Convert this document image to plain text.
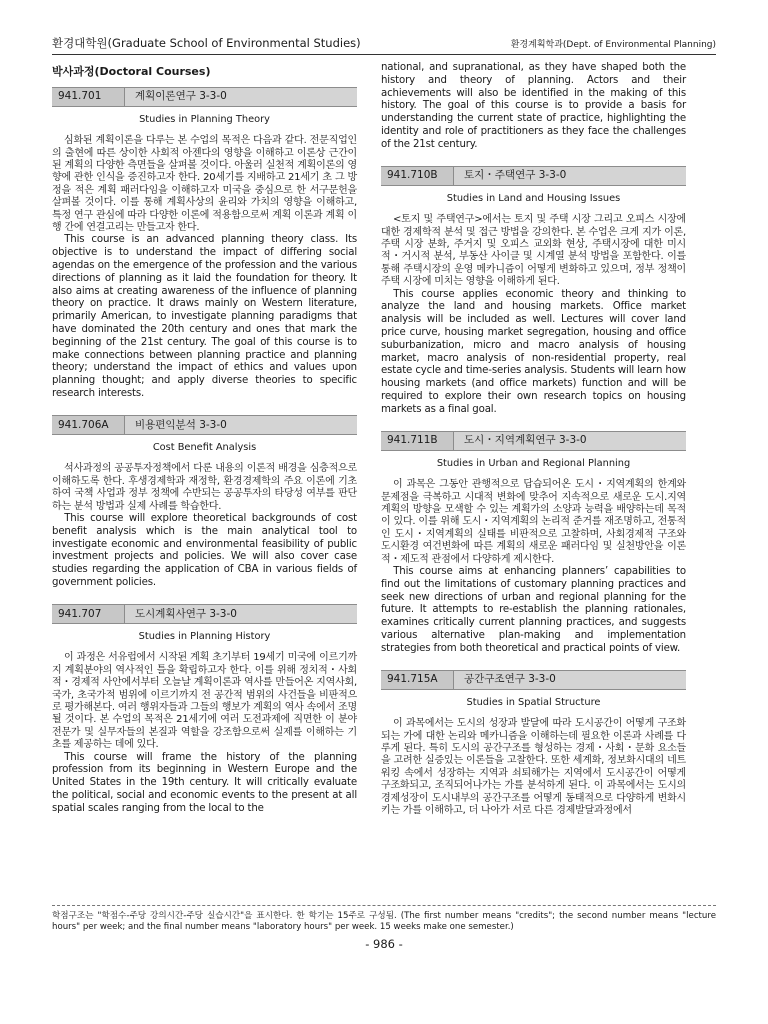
환경대학원(Graduate School of Environmental Studies)	환경계획학과(Dept. of Environmental Planning)
박사과정(Doctoral Courses)
941.701	계획이론연구 3-3-0
Studies in Planning Theory

심화된 계획이론을 다루는 본 수업의 목적은 다음과 같다. 전문직업인의 출현에 따른 상이한 사회적 아젠다의 영향을 이해하고 이론상 근간이 된 계획의 다양한 측면들을 살펴볼 것이다. 아울러 실천적 계획이론의 영향에 관한 인식을 증진하고자 한다. 20세기를 지배하고 21세기 초 그 방정을 적은 계획 패러다임을 이해하고자 미국을 중심으로 한 서구문헌을 살펴볼 것이다. 이를 통해 계획사상의 윤리와 가치의 영향을 이해하고, 특정 연구 관심에 따라 다양한 이론에 적용함으로써 계획 이론과 계획 이행 간에 연결고리는 만들고자 한다.

This course is an advanced planning theory class. Its objective is to understand the impact of differing social agendas on the emergence of the profession and the various directions of planning as it laid the foundation for theory. It also aims at creating awareness of the influence of planning theory on practice. It draws mainly on Western literature, primarily American, to investigate planning paradigms that have dominated the 20th century and ones that mark the beginning of the 21st century. The goal of this course is to make connections between planning practice and planning theory; understand the impact of ethics and values upon planning thought; and apply diverse theories to specific research interests.

941.706A	비용편익분석 3-3-0
Cost Benefit Analysis

석사과정의 공공투자정책에서 다룬 내용의 이론적 배경을 심층적으로 이해하도록 한다. 후생경제학과 재정학, 환경경제학의 주요 이론에 기초하여 국책 사업과 정부 정책에 수반되는 공공투자의 타당성 여부를 판단하는 분석 방법과 실제 사례를 학습한다.

This course will explore theoretical backgrounds of cost benefit analysis which is the main analytical tool to investigate economic and environmental feasibility of public investment projects and policies. We will also cover case studies regarding the application of CBA in various fields of government policies.

941.707	도시계획사연구 3-3-0
Studies in Planning History

이 과정은 서유럽에서 시작된 계획 초기부터 19세기 미국에 이르기까지 계획분야의 역사적인 틀을 확립하고자 한다. 이를 위해 정치적・사회적・경제적 사안에서부터 오늘날 계획이론과 역사를 만들어온 지역사회, 국가, 초국가적 범위에 이르기까지 전 공간적 범위의 사건들을 비판적으로 평가해본다. 여러 행위자들과 그들의 행보가 계획의 역사 속에서 조명될 것이다. 본 수업의 목적은 21세기에 여러 도전과제에 직면한 이 분야 전문가 및 실무자들의 본질과 역할을 강조함으로써 실제를 이해하는 기초를 제공하는 데에 있다.

This course will frame the history of the planning profession from its beginning in Western Europe and the United States in the 19th century. It will critically evaluate the political, social and economic events to the present at all spatial scales ranging from the local to the

national, and supranational, as they have shaped both the history and theory of planning. Actors and their achievements will also be identified in the making of this history. The goal of this course is to provide a basis for understanding the current state of practice, highlighting the identity and role of practitioners as they face the challenges of the 21st century.

941.710B	토지・주택연구 3-3-0
Studies in Land and Housing Issues

<토지 및 주택연구>에서는 토지 및 주택 시장 그리고 오피스 시장에 대한 경제학적 분석 및 접근 방법을 강의한다. 본 수업은 크게 지가 이론, 주택 시장 분화, 주거지 및 오피스 교외화 현상, 주택시장에 대한 미시적・거시적 분석, 부동산 사이클 및 시계열 분석 방법을 포함한다. 이를 통해 주택시장의 운영 메카니즘이 어떻게 변화하고 있으며, 정부 정책이 주택 시장에 미치는 영향을 이해하게 된다.

This course applies economic theory and thinking to analyze the land and housing markets. Office market analysis will be included as well. Lectures will cover land price curve, housing market segregation, housing and office suburbanization, micro and macro analysis of housing market, macro analysis of non-residential property, real estate cycle and time-series analysis. Students will learn how housing markets (and office markets) function and will be required to explore their own research topics on housing markets as a final goal.

941.711B	도시・지역계획연구 3-3-0
Studies in Urban and Regional Planning

이 과목은 그동안 관행적으로 답습되어온 도시・지역계획의 한계와 문제점을 극복하고 시대적 변화에 맞추어 지속적으로 새로운 도시.지역계획의 방향을 모색할 수 있는 계획가의 소양과 능력을 배양하는데 목적이 있다. 이를 위해 도시・지역계획의 논리적 준거를 재조명하고, 전통적인 도시・지역계획의 실태를 비판적으로 고찰하며, 사회경제적 구조와 도시환경 여건변화에 따른 계획의 새로운 패러다임 및 실천방안을 이론적・제도적 관점에서 다양하게 제시한다.

This course aims at enhancing planners’ capabilities to find out the limitations of customary planning practices and seek new directions of urban and regional planning for the future. It attempts to re-establish the planning rationales, examines critically current planning practices, and suggests various alternative plan-making and implementation strategies from both theoretical and practical points of view.

941.715A	공간구조연구 3-3-0
Studies in Spatial Structure

이 과목에서는 도시의 성장과 발달에 따라 도시공간이 어떻게 구조화되는 가에 대한 논리와 메카니즘을 이해하는데 필요한 이론과 사례를 다루게 된다. 특히 도시의 공간구조를 형성하는 경제・사회・문화 요소들을 고려한 실증있는 이론들을 고찰한다. 또한 세계화, 정보화시대의 네트워킹 속에서 성장하는 지역과 쇠퇴해가는 지역에서 도시공간이 어떻게 구조화되고, 조직되어나가는 가를 분석하게 된다. 이 과목에서는 도시의 경제성장이 도시내부의 공간구조를 어떻게 동태적으로 다양하게 변화시키는 가를 이해하고, 더 나아가 서로 다른 경제발달과정에서

학점구조는 "학점수-주당 강의시간-주당 실습시간"을 표시한다. 한 학기는 15주로 구성됨. (The first number means "credits"; the second number means "lecture hours" per week; and the final number means "laboratory hours" per week. 15 weeks make one semester.)
- 986 -
